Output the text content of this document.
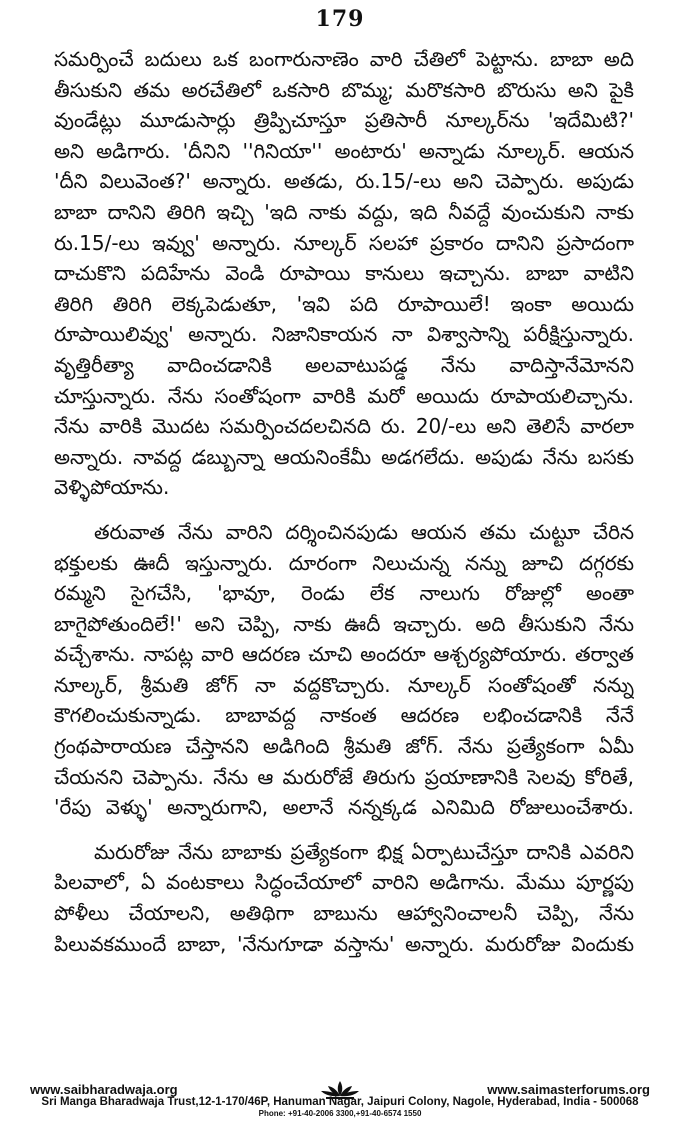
179
సమర్పించే బదులు ఒక బంగారునాణెం వారి చేతిలో పెట్టాను. బాబా అది
తీసుకుని తమ అరచేతిలో ఒకసారి బొమ్మ; మరొకసారి బొరుసు అని పైకి
వుండేట్లు మూడుసార్లు త్రిప్పిచూస్తూ ప్రతిసారీ నూల్కర్‌ను 'ఇదేమిటి?'
అని అడిగారు. 'దీనిని ''గినియా'' అంటారు' అన్నాడు నూల్కర్. ఆయన
'దీని విలువెంత?' అన్నారు. అతడు, రు.15/-లు అని చెప్పారు. అపుడు
బాబా దానిని తిరిగి ఇచ్చి 'ఇది నాకు వద్దు, ఇది నీవద్దే వుంచుకుని నాకు
రు.15/-లు ఇవ్వు' అన్నారు. నూల్కర్ సలహా ప్రకారం దానిని ప్రసాదంగా
దాచుకొని పదిహేను వెండి రూపాయి కానులు ఇచ్చాను. బాబా వాటిని
తిరిగి తిరిగి లెక్కపెడుతూ, 'ఇవి పది రూపాయిలే! ఇంకా అయిదు
రూపాయిలివ్వు' అన్నారు. నిజానికాయన నా విశ్వాసాన్ని పరీక్షిస్తున్నారు.
వృత్తిరీత్యా వాదించడానికి అలవాటుపడ్డ నేను వాదిస్తానేమోనని
చూస్తున్నారు. నేను సంతోషంగా వారికి మరో అయిదు రూపాయలిచ్చాను.
నేను వారికి మొదట సమర్పించదలచినది రు. 20/-లు అని తెలిసే వారలా
అన్నారు. నావద్ద డబ్బున్నా ఆయనింకేమీ అడగలేదు. అపుడు నేను బసకు
వెళ్ళిపోయాను.
తరువాత నేను వారిని దర్శించినపుడు ఆయన తమ చుట్టూ చేరిన
భక్తులకు ఊదీ ఇస్తున్నారు. దూరంగా నిలుచున్న నన్ను జూచి దగ్గరకు
రమ్మని సైగచేసి, 'భావూ, రెండు లేక నాలుగు రోజుల్లో అంతా
బాగైపోతుందిలే!' అని చెప్పి, నాకు ఊదీ ఇచ్చారు. అది తీసుకుని నేను
వచ్చేశాను. నాపట్ల వారి ఆదరణ చూచి అందరూ ఆశ్చర్యపోయారు. తర్వాత
నూల్కర్, శ్రీమతి జోగ్ నా వద్దకొచ్చారు. నూల్కర్ సంతోషంతో నన్ను
కౌగలించుకున్నాడు. బాబావద్ద నాకంత ఆదరణ లభించడానికి నేనే
గ్రంథపారాయణ చేస్తానని అడిగింది శ్రీమతి జోగ్. నేను ప్రత్యేకంగా ఏమీ
చేయనని చెప్పాను. నేను ఆ మరురోజే తిరుగు ప్రయాణానికి సెలవు కోరితే,
'రేపు వెళ్ళు' అన్నారుగాని, అలానే నన్నక్కడ ఎనిమిది రోజులుంచేశారు.
మరురోజు నేను బాబాకు ప్రత్యేకంగా భిక్ష ఏర్పాటుచేస్తూ దానికి ఎవరిని
పిలవాలో, ఏ వంటకాలు సిద్ధంచేయాలో వారిని అడిగాను. మేము పూర్ణపు
పోళీలు చేయాలని, అతిథిగా బాబును ఆహ్వానించాలనీ చెప్పి, నేను
పిలువకముందే బాబా, 'నేనుగూడా వస్తాను' అన్నారు. మరురోజు విందుకు
www.saibharadwaja.org	www.saimasterforums.org
Sri Manga Bharadwaja Trust,12-1-170/46P, Hanuman Nagar, Jaipuri Colony, Nagole, Hyderabad, India - 500068
Phone: +91-40-2006 3300,+91-40-6574 1550
